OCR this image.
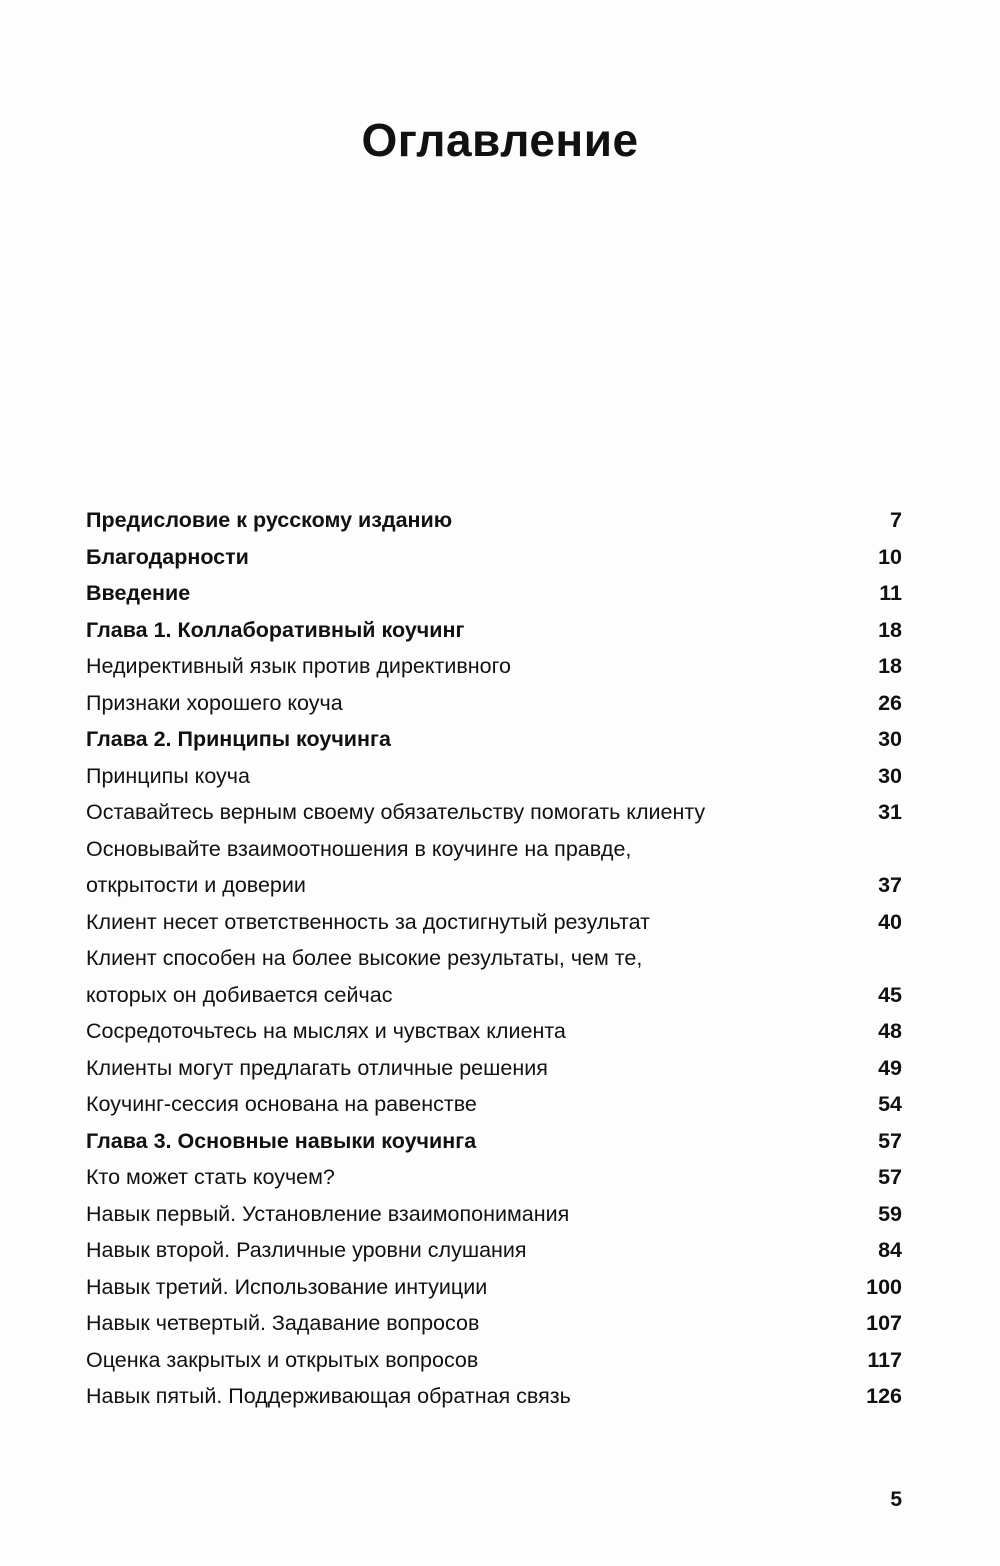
Оглавление
Предисловие к русскому изданию	7
Благодарности	10
Введение	11
Глава 1. Коллаборативный коучинг	18
Недирективный язык против директивного	18
Признаки хорошего коуча	26
Глава 2. Принципы коучинга	30
Принципы коуча	30
Оставайтесь верным своему обязательству помогать клиенту	31
Основывайте взаимоотношения в коучинге на правде,
открытости и доверии	37
Клиент несет ответственность за достигнутый результат	40
Клиент способен на более высокие результаты, чем те,
которых он добивается сейчас	45
Сосредоточьтесь на мыслях и чувствах клиента	48
Клиенты могут предлагать отличные решения	49
Коучинг-сессия основана на равенстве	54
Глава 3. Основные навыки коучинга	57
Кто может стать коучем?	57
Навык первый. Установление взаимопонимания	59
Навык второй. Различные уровни слушания	84
Навык третий. Использование интуиции	100
Навык четвертый. Задавание вопросов	107
Оценка закрытых и открытых вопросов	117
Навык пятый. Поддерживающая обратная связь	126
5
